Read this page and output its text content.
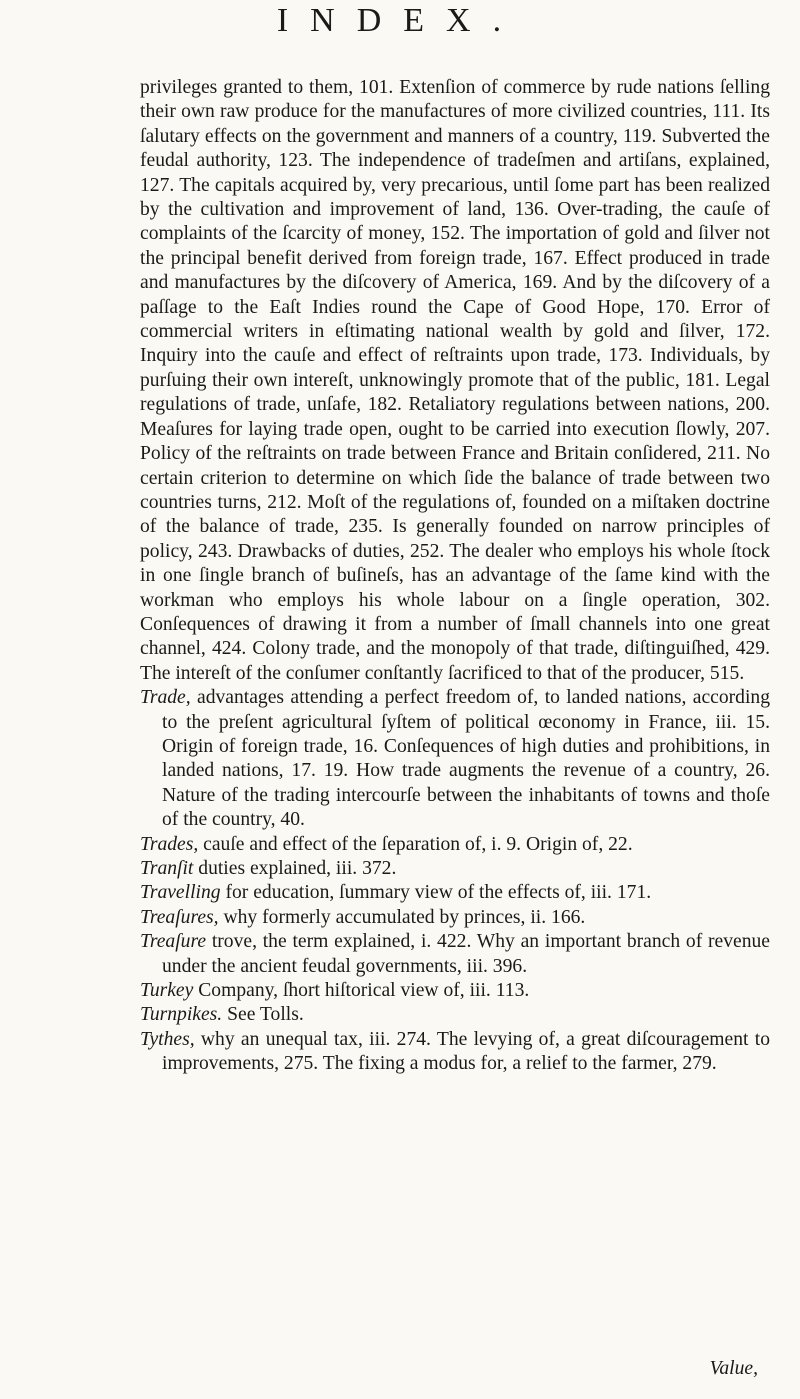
INDEX.

privileges granted to them, 101. Extenſion of commerce by rude nations ſelling their own raw produce for the manufactures of more civilized countries, 111. Its ſalutary effects on the government and manners of a country, 119. Subverted the feudal authority, 123. The independence of tradeſmen and artiſans, explained, 127. The capitals acquired by, very precarious, until ſome part has been realized by the cultivation and improvement of land, 136. Over-trading, the cauſe of complaints of the ſcarcity of money, 152. The importation of gold and ſilver not the principal benefit derived from foreign trade, 167. Effect produced in trade and manufactures by the diſcovery of America, 169. And by the diſcovery of a paſſage to the Eaſt Indies round the Cape of Good Hope, 170. Error of commercial writers in eſtimating national wealth by gold and ſilver, 172. Inquiry into the cauſe and effect of reſtraints upon trade, 173. Individuals, by purſuing their own intereſt, unknowingly promote that of the public, 181. Legal regulations of trade, unſafe, 182. Retaliatory regulations between nations, 200. Meaſures for laying trade open, ought to be carried into execution ſlowly, 207. Policy of the reſtraints on trade between France and Britain conſidered, 211. No certain criterion to determine on which ſide the balance of trade between two countries turns, 212. Moſt of the regulations of, founded on a miſtaken doctrine of the balance of trade, 235. Is generally founded on narrow principles of policy, 243. Drawbacks of duties, 252. The dealer who employs his whole ſtock in one ſingle branch of buſineſs, has an advantage of the ſame kind with the workman who employs his whole labour on a ſingle operation, 302. Conſequences of drawing it from a number of ſmall channels into one great channel, 424. Colony trade, and the monopoly of that trade, diſtinguiſhed, 429. The intereſt of the conſumer conſtantly ſacrificed to that of the producer, 515.

Trade, advantages attending a perfect freedom of, to landed nations, according to the preſent agricultural ſyſtem of political œconomy in France, iii. 15. Origin of foreign trade, 16. Conſequences of high duties and prohibitions, in landed nations, 17. 19. How trade augments the revenue of a country, 26. Nature of the trading intercourſe between the inhabitants of towns and thoſe of the country, 40.

Trades, cauſe and effect of the ſeparation of, i. 9. Origin of, 22.

Tranſit duties explained, iii. 372.

Travelling for education, ſummary view of the effects of, iii. 171.

Treaſures, why formerly accumulated by princes, ii. 166.

Treaſure trove, the term explained, i. 422. Why an important branch of revenue under the ancient feudal governments, iii. 396.

Turkey Company, ſhort hiſtorical view of, iii. 113.

Turnpikes. See Tolls.

Tythes, why an unequal tax, iii. 274. The levying of, a great diſcouragement to improvements, 275. The fixing a modus for, a relief to the farmer, 279.

Value,
